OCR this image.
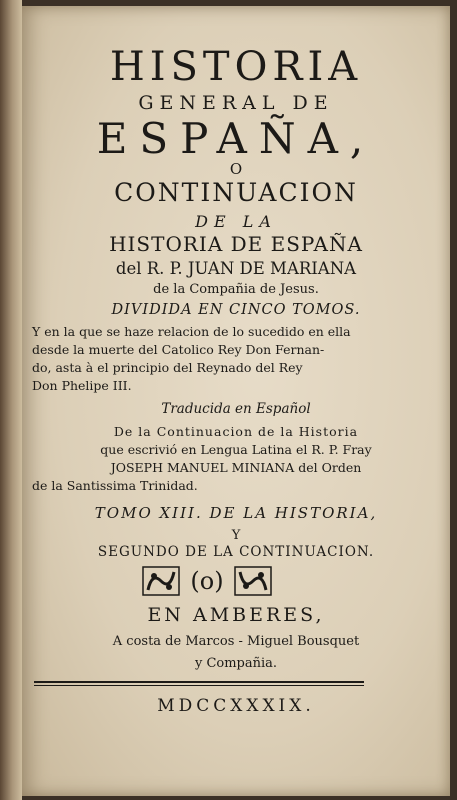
HISTORIA
GENERAL DE
ESPAÑA,
O
CONTINUACION
DE LA
HISTORIA DE ESPAÑA
del R. P. JUAN DE MARIANA
de la Compañia de Jesus.
DIVIDIDA EN CINCO TOMOS.
Y en la que se haze relacion de lo sucedido en ella
desde la muerte del Catolico Rey Don Fernan-
do, asta à el principio del Reynado del Rey
Don Phelipe III.
Traducida en Español
De la Continuacion de la Historia
que escrivió en Lengua Latina el R. P. Fray
JOSEPH MANUEL MINIANA del Orden
de la Santissima Trinidad.
TOMO XIII. DE LA HISTORIA,
Y
SEGUNDO DE LA CONTINUACION.
(o)
EN AMBERES,
A costa de Marcos - Miguel Bousquet
y Compañia.
MDCCXXXIX.
